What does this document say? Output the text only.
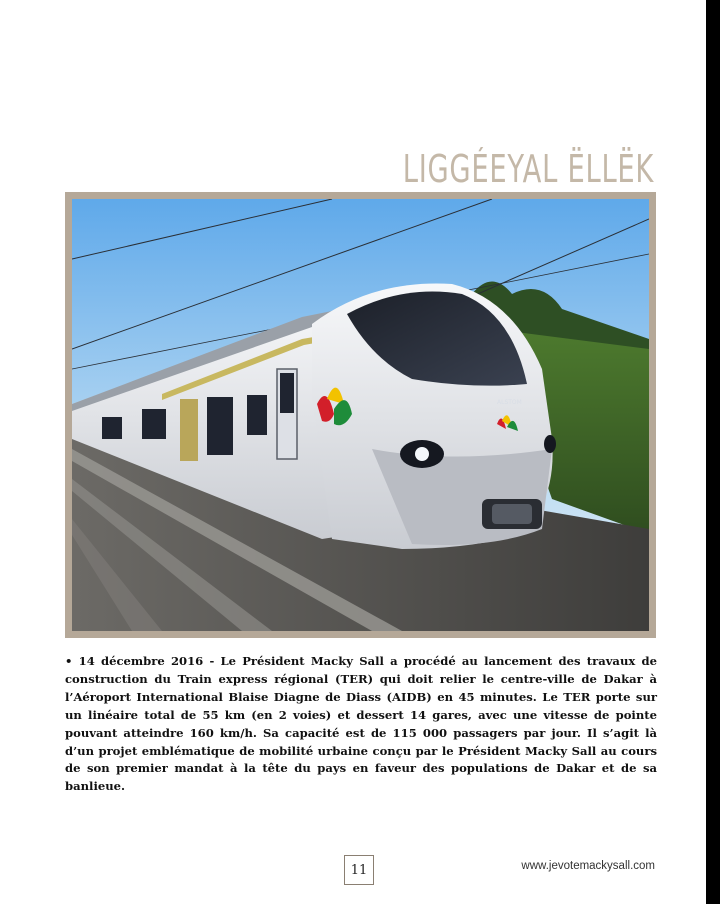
LIGGÉEYAL ËLLËK
ALSTOM

• 14 décembre 2016 - Le Président Macky Sall a procédé au lancement des travaux de construction du Train express régional (TER) qui doit relier le centre-ville de Dakar à l’Aéroport International Blaise Diagne de Diass (AIDB) en 45 minutes. Le TER porte sur un linéaire total de 55 km (en 2 voies) et dessert 14 gares, avec une vitesse de pointe pouvant atteindre 160 km/h. Sa capacité est de 115 000 passagers par jour. Il s’agit là d’un projet emblématique de mobilité urbaine conçu par le Président Macky Sall au cours de son premier mandat à la tête du pays en faveur des populations de Dakar et de sa banlieue.

11	www.jevotemackysall.com
